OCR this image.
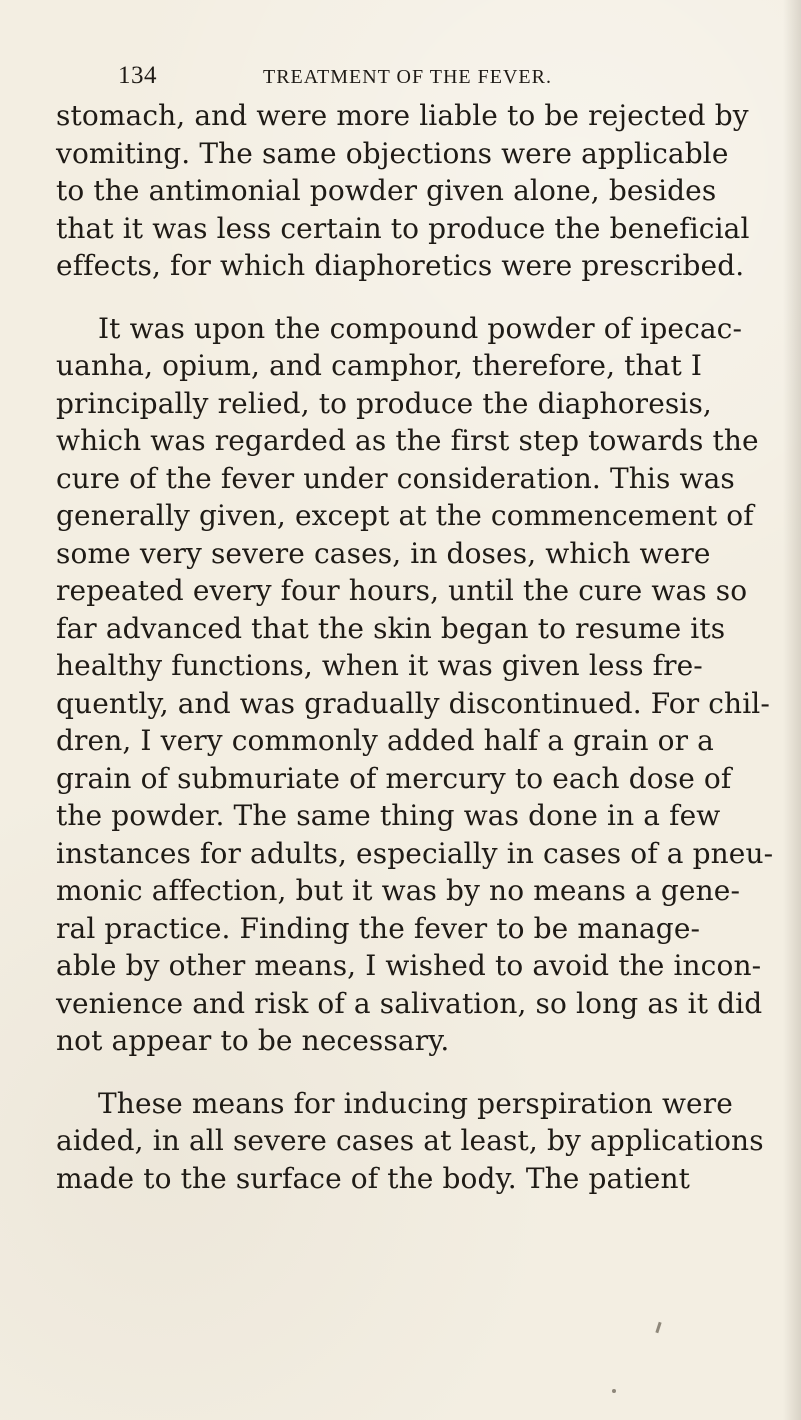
134	TREATMENT OF THE FEVER.
stomach, and were more liable to be rejected by
vomiting. The same objections were applicable
to the antimonial powder given alone, besides
that it was less certain to produce the beneficial
effects, for which diaphoretics were prescribed.
It was upon the compound powder of ipecac-
uanha, opium, and camphor, therefore, that I
principally relied, to produce the diaphoresis,
which was regarded as the first step towards the
cure of the fever under consideration. This was
generally given, except at the commencement of
some very severe cases, in doses, which were
repeated every four hours, until the cure was so
far advanced that the skin began to resume its
healthy functions, when it was given less fre-
quently, and was gradually discontinued. For chil-
dren, I very commonly added half a grain or a
grain of submuriate of mercury to each dose of
the powder. The same thing was done in a few
instances for adults, especially in cases of a pneu-
monic affection, but it was by no means a gene-
ral practice. Finding the fever to be manage-
able by other means, I wished to avoid the incon-
venience and risk of a salivation, so long as it did
not appear to be necessary.
These means for inducing perspiration were
aided, in all severe cases at least, by applications
made to the surface of the body. The patient
